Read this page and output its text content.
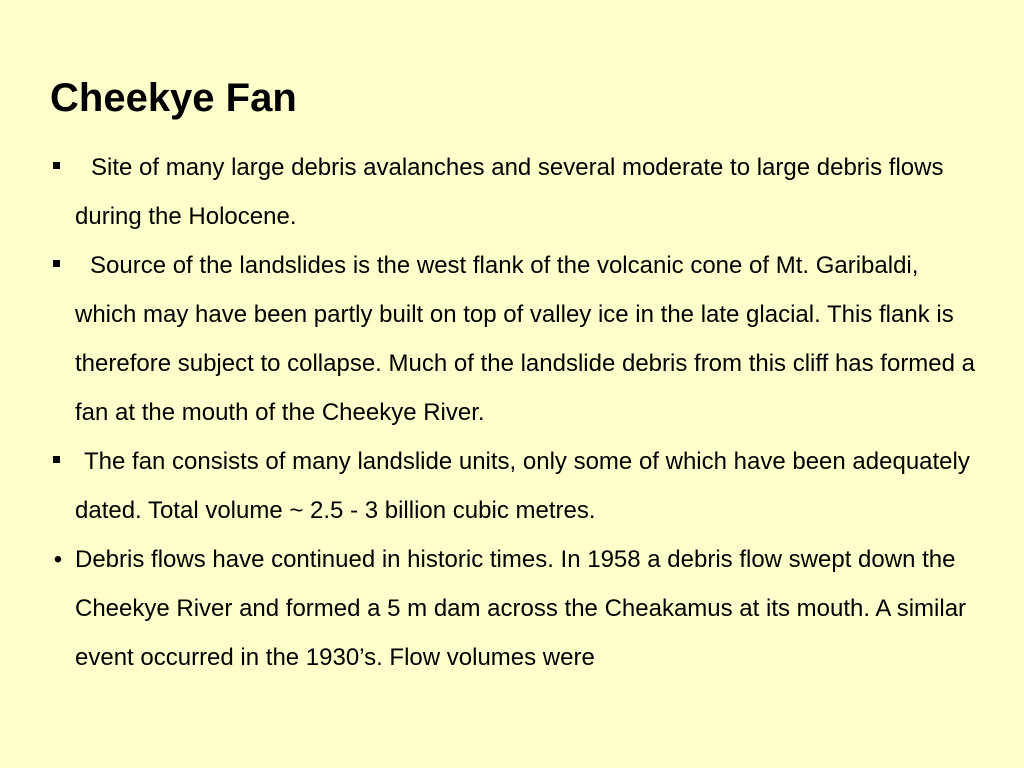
Cheekye Fan
Site of many large debris avalanches and several moderate to large debris flows during the Holocene.
Source of the landslides is the west flank of the volcanic cone of Mt. Garibaldi, which may have been partly built on top of valley ice in the late glacial. This flank is therefore subject to collapse. Much of the landslide debris from this cliff has formed a fan at the mouth of the Cheekye River.
The fan consists of many landslide units, only some of which have been adequately dated. Total volume ~ 2.5 - 3 billion cubic metres.
•
Debris flows have continued in historic times. In 1958 a debris flow swept down the Cheekye River and formed a 5 m dam across the Cheakamus at its mouth. A similar event occurred in the 1930’s. Flow volumes were
